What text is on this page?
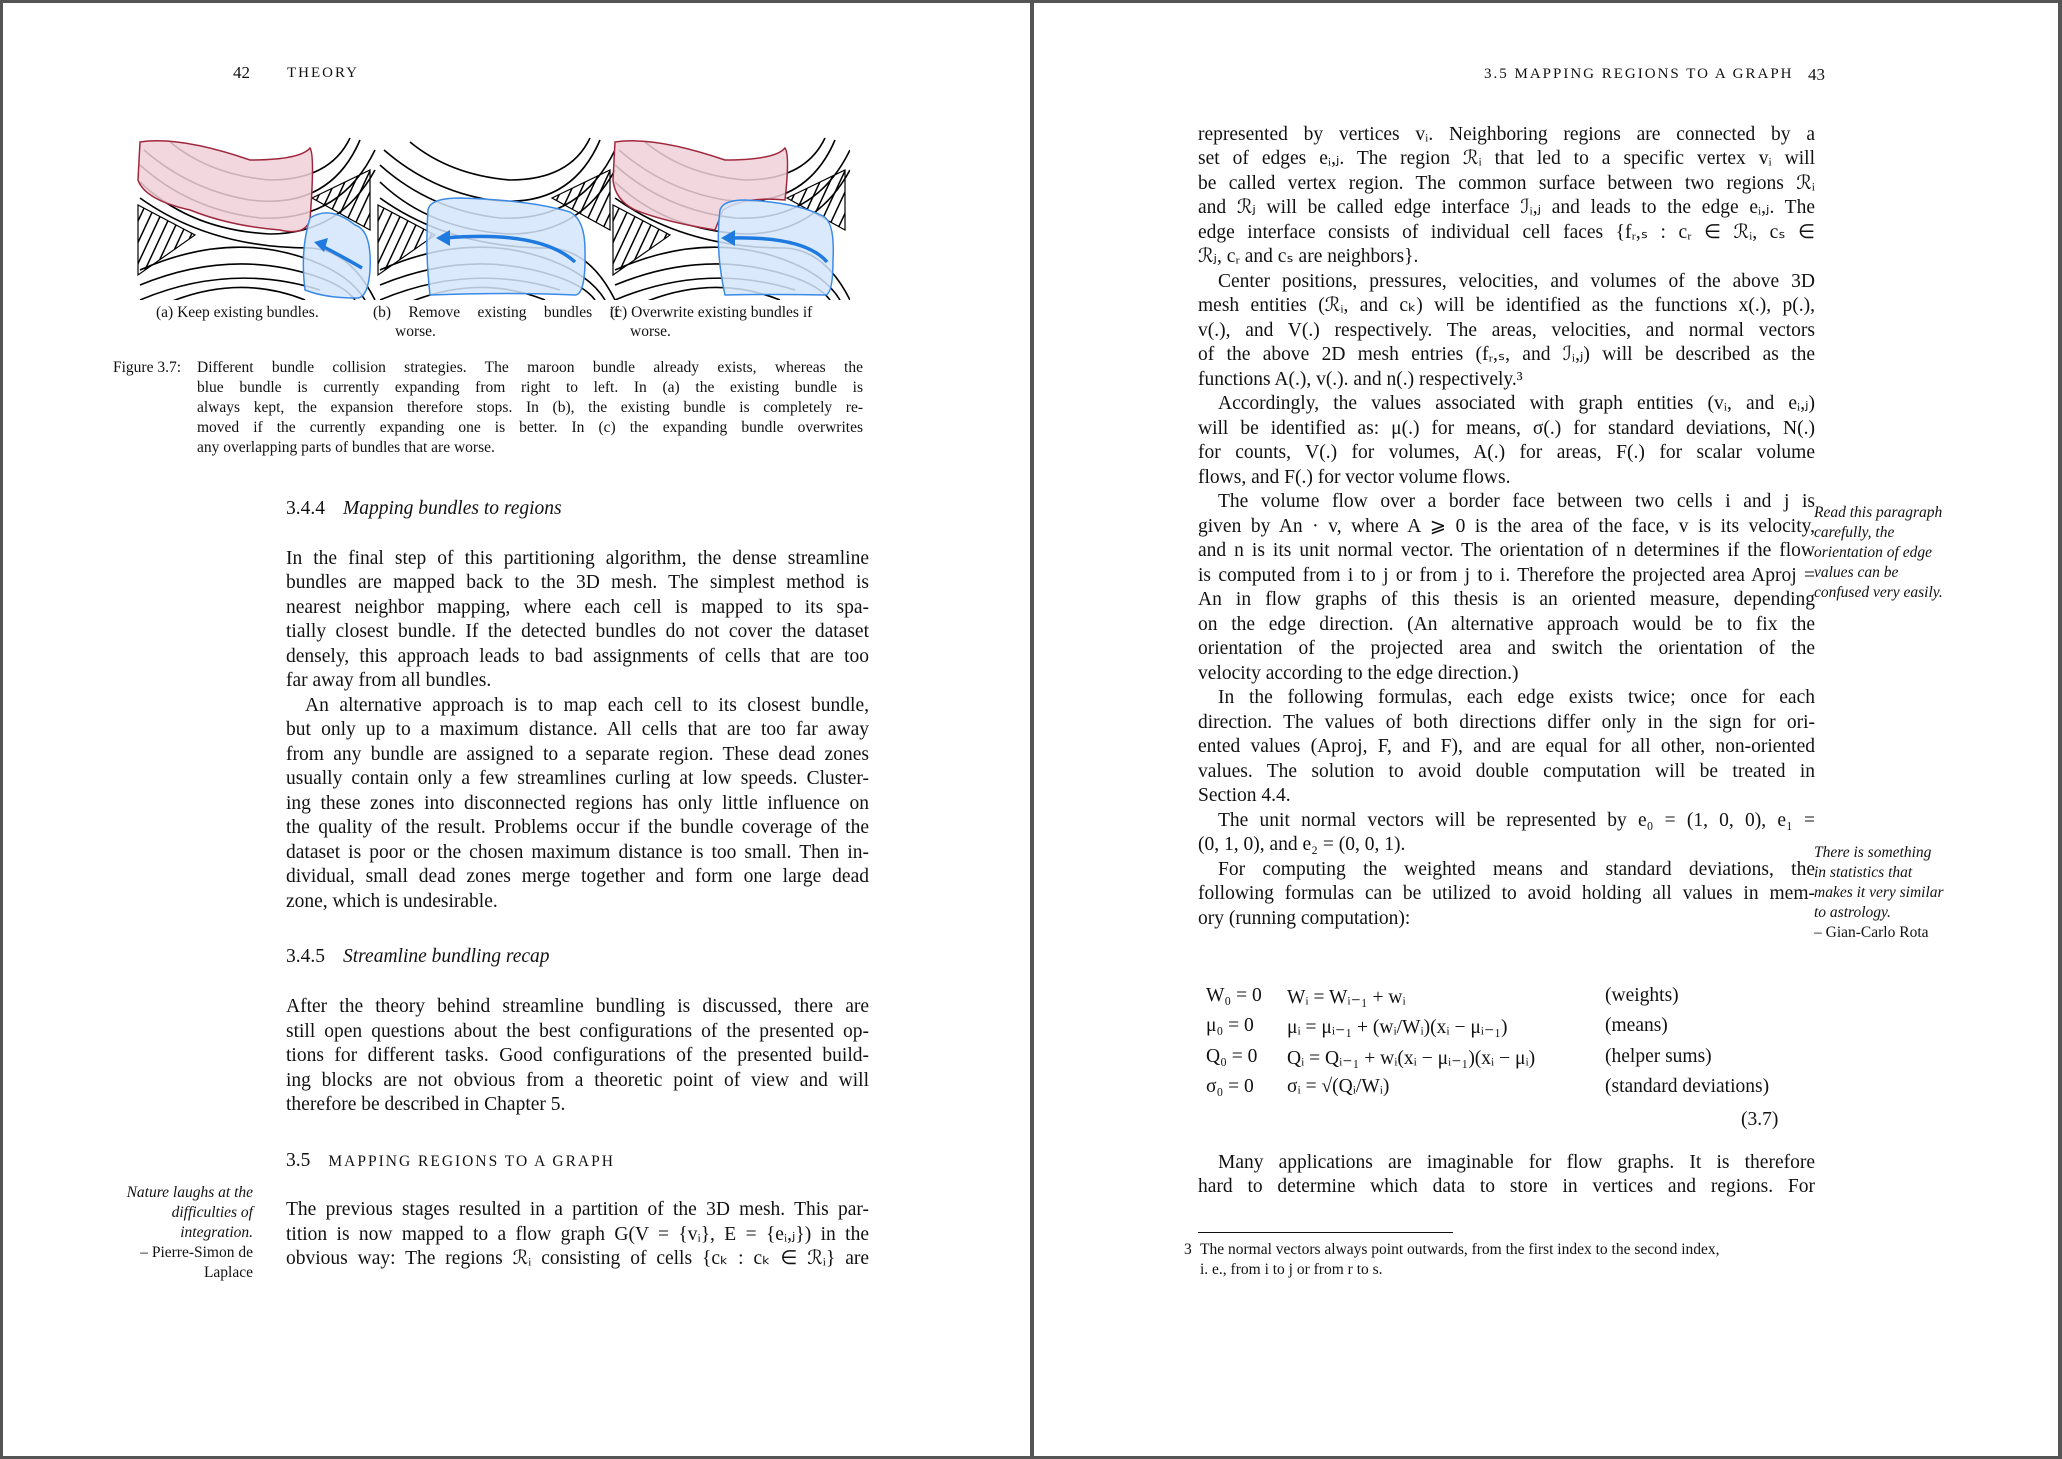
42 THEORY
(a) Keep existing bundles.	(b) Remove existing bundles if
worse.
(c) Overwrite existing bundles if
worse.
Figure 3.7: Different bundle collision strategies. The maroon bundle already exists, whereas the
blue bundle is currently expanding from right to left. In (a) the existing bundle is
always kept, the expansion therefore stops. In (b), the existing bundle is completely re-
moved if the currently expanding one is better. In (c) the expanding bundle overwrites
any overlapping parts of bundles that are worse.
3.4.4 Mapping bundles to regions
In the final step of this partitioning algorithm, the dense streamline
bundles are mapped back to the 3D mesh. The simplest method is
nearest neighbor mapping, where each cell is mapped to its spa-
tially closest bundle. If the detected bundles do not cover the dataset
densely, this approach leads to bad assignments of cells that are too
far away from all bundles.
An alternative approach is to map each cell to its closest bundle,
but only up to a maximum distance. All cells that are too far away
from any bundle are assigned to a separate region. These dead zones
usually contain only a few streamlines curling at low speeds. Cluster-
ing these zones into disconnected regions has only little influence on
the quality of the result. Problems occur if the bundle coverage of the
dataset is poor or the chosen maximum distance is too small. Then in-
dividual, small dead zones merge together and form one large dead
zone, which is undesirable.
3.4.5 Streamline bundling recap
After the theory behind streamline bundling is discussed, there are
still open questions about the best configurations of the presented op-
tions for different tasks. Good configurations of the presented build-
ing blocks are not obvious from a theoretic point of view and will
therefore be described in Chapter 5.
3.5 MAPPING REGIONS TO A GRAPH
The previous stages resulted in a partition of the 3D mesh. This par-
tition is now mapped to a flow graph G(V = {vᵢ}, E = {eᵢ,ⱼ}) in the
obvious way: The regions ℛᵢ consisting of cells {cₖ : cₖ ∈ ℛᵢ} are
Nature laughs at the
difficulties of
integration.
– Pierre-Simon de
Laplace
3.5 MAPPING REGIONS TO A GRAPH 43
represented by vertices vᵢ. Neighboring regions are connected by a
set of edges eᵢ,ⱼ. The region ℛᵢ that led to a specific vertex vᵢ will
be called vertex region. The common surface between two regions ℛᵢ
and ℛⱼ will be called edge interface ℐᵢ,ⱼ and leads to the edge eᵢ,ⱼ. The
edge interface consists of individual cell faces {fᵣ,ₛ : cᵣ ∈ ℛᵢ, cₛ ∈
ℛⱼ, cᵣ and cₛ are neighbors}.
Center positions, pressures, velocities, and volumes of the above 3D
mesh entities (ℛᵢ, and cₖ) will be identified as the functions x(.), p(.),
v(.), and V(.) respectively. The areas, velocities, and normal vectors
of the above 2D mesh entries (fᵣ,ₛ, and ℐᵢ,ⱼ) will be described as the
functions A(.), v(.). and n(.) respectively.³
Accordingly, the values associated with graph entities (vᵢ, and eᵢ,ⱼ)
will be identified as: μ(.) for means, σ(.) for standard deviations, N(.)
for counts, V(.) for volumes, A(.) for areas, F(.) for scalar volume
flows, and F(.) for vector volume flows.
The volume flow over a border face between two cells i and j is
given by An · v, where A ⩾ 0 is the area of the face, v is its velocity,
and n is its unit normal vector. The orientation of n determines if the flow
is computed from i to j or from j to i. Therefore the projected area Aproj =
An in flow graphs of this thesis is an oriented measure, depending
on the edge direction. (An alternative approach would be to fix the
orientation of the projected area and switch the orientation of the
velocity according to the edge direction.)
In the following formulas, each edge exists twice; once for each
direction. The values of both directions differ only in the sign for ori-
ented values (Aproj, F, and F), and are equal for all other, non-oriented
values. The solution to avoid double computation will be treated in
Section 4.4.
The unit normal vectors will be represented by e₀ = (1, 0, 0), e₁ =
(0, 1, 0), and e₂ = (0, 0, 1).
For computing the weighted means and standard deviations, the
following formulas can be utilized to avoid holding all values in mem-
ory (running computation):
W₀ = 0 Wᵢ = Wᵢ₋₁ + wᵢ	(weights)
μ₀ = 0 μᵢ = μᵢ₋₁ + (wᵢ/Wᵢ)(xᵢ − μᵢ₋₁)	(means)
Q₀ = 0 Qᵢ = Qᵢ₋₁ + wᵢ(xᵢ − μᵢ₋₁)(xᵢ − μᵢ)	(helper sums)
σ₀ = 0 σᵢ = √(Qᵢ/Wᵢ)	(standard deviations)
(3.7)
Many applications are imaginable for flow graphs. It is therefore
hard to determine which data to store in vertices and regions. For
3 The normal vectors always point outwards, from the first index to the second index,
i. e., from i to j or from r to s.
Read this paragraph
carefully, the
orientation of edge
values can be
confused very easily.
There is something
in statistics that
makes it very similar
to astrology.
– Gian-Carlo Rota
